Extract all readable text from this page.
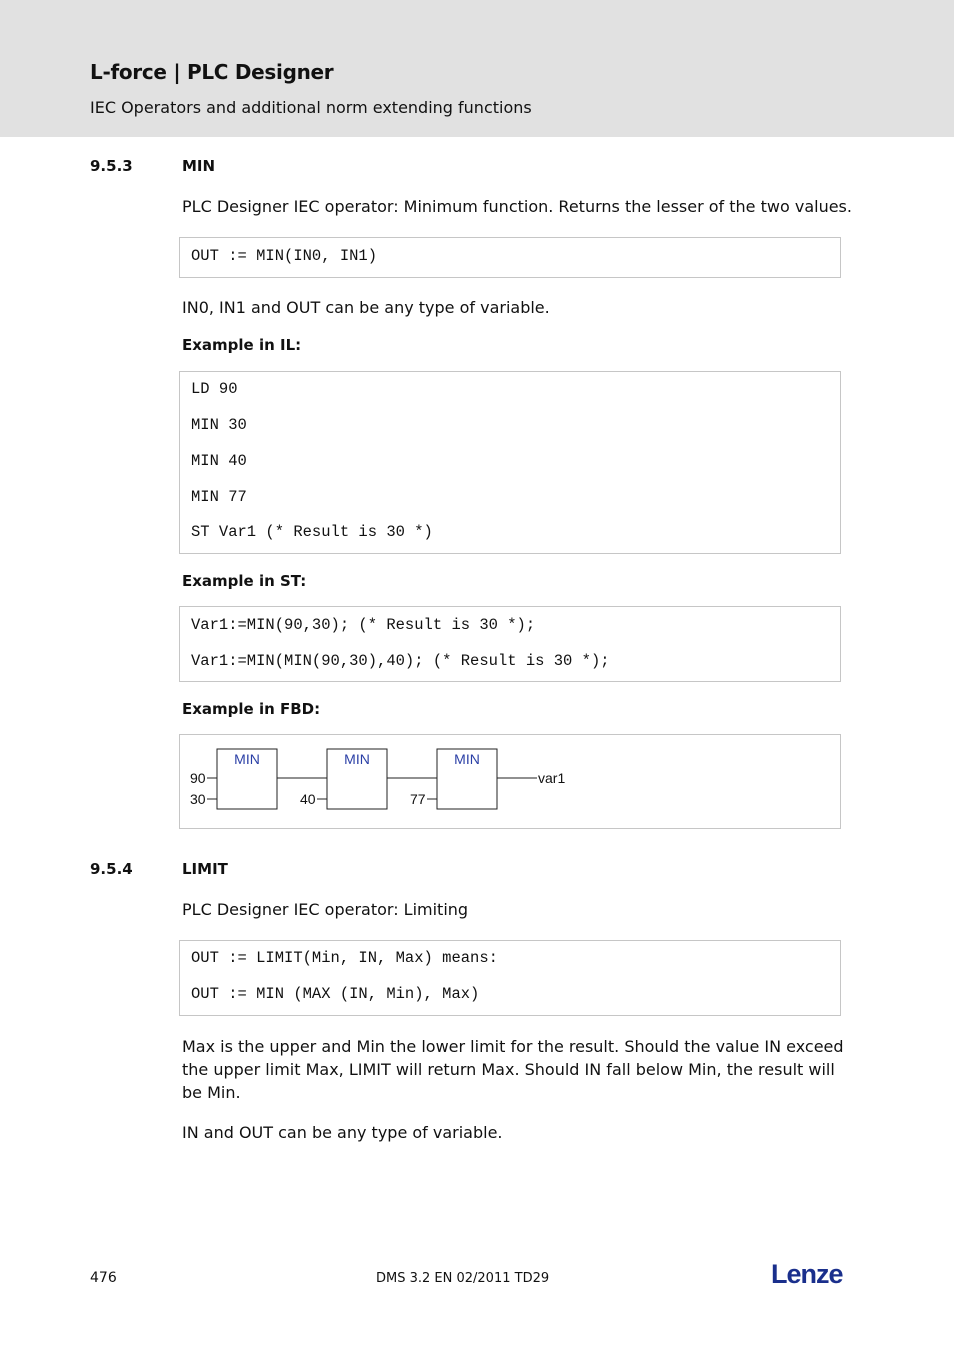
L-force | PLC Designer
IEC Operators and additional norm extending functions
9.5.3	MIN
PLC Designer IEC operator: Minimum function. Returns the lesser of the two values.
OUT := MIN(IN0, IN1)
IN0, IN1 and OUT can be any type of variable.
Example in IL:
LD 90
MIN 30
MIN 40
MIN 77
ST Var1 (* Result is 30 *)
Example in ST:
Var1:=MIN(90,30); (* Result is 30 *);
Var1:=MIN(MIN(90,30),40); (* Result is 30 *);
Example in FBD:
MIN
90
30
MIN
40
MIN
77
var1
9.5.4	LIMIT
PLC Designer IEC operator: Limiting
OUT := LIMIT(Min, IN, Max) means:
OUT := MIN (MAX (IN, Min), Max)
Max is the upper and Min the lower limit for the result. Should the value IN exceed the upper limit Max, LIMIT will return Max. Should IN fall below Min, the result will be Min.
IN and OUT can be any type of variable.
476	DMS 3.2 EN 02/2011 TD29	Lenze
